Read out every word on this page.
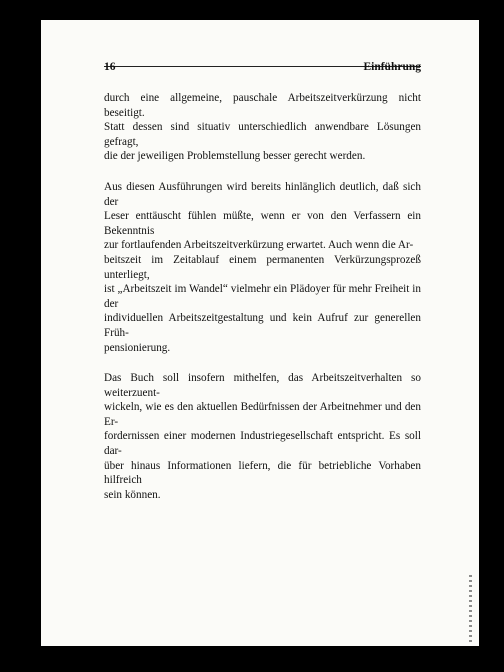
16	Einführung

durch eine allgemeine, pauschale Arbeitszeitverkürzung nicht beseitigt.
Statt dessen sind situativ unterschiedlich anwendbare Lösungen gefragt,
die der jeweiligen Problemstellung besser gerecht werden.

Aus diesen Ausführungen wird bereits hinlänglich deutlich, daß sich der
Leser enttäuscht fühlen müßte, wenn er von den Verfassern ein Bekenntnis
zur fortlaufenden Arbeitszeitverkürzung erwartet. Auch wenn die Ar-
beitszeit im Zeitablauf einem permanenten Verkürzungsprozeß unterliegt,
ist „Arbeitszeit im Wandel“ vielmehr ein Plädoyer für mehr Freiheit in der
individuellen Arbeitszeitgestaltung und kein Aufruf zur generellen Früh-
pensionierung.

Das Buch soll insofern mithelfen, das Arbeitszeitverhalten so weiterzuent-
wickeln, wie es den aktuellen Bedürfnissen der Arbeitnehmer und den Er-
fordernissen einer modernen Industriegesellschaft entspricht. Es soll dar-
über hinaus Informationen liefern, die für betriebliche Vorhaben hilfreich
sein können.
